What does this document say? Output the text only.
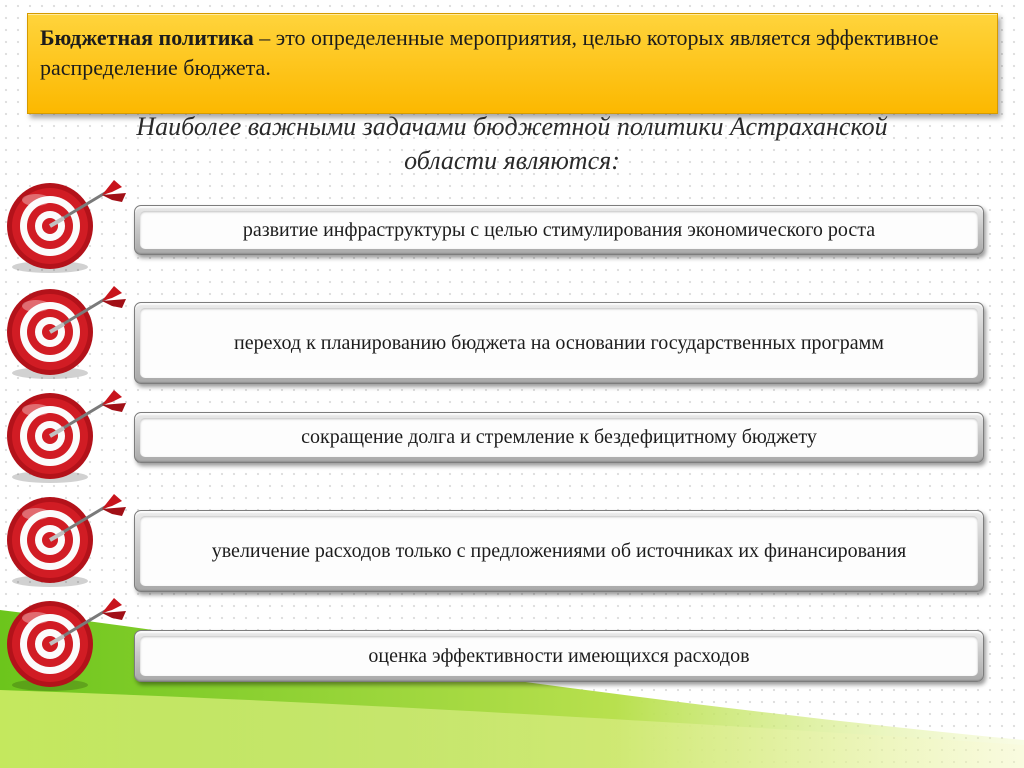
Бюджетная политика – это определенные мероприятия, целью которых является эффективное распределение бюджета.
Наиболее важными задачами бюджетной политики Астраханской
области являются:
развитие инфраструктуры с целью стимулирования экономического роста
переход к планированию бюджета на основании государственных программ
сокращение долга и стремление к бездефицитному бюджету
увеличение расходов только с предложениями об источниках их финансирования
оценка эффективности имеющихся расходов
